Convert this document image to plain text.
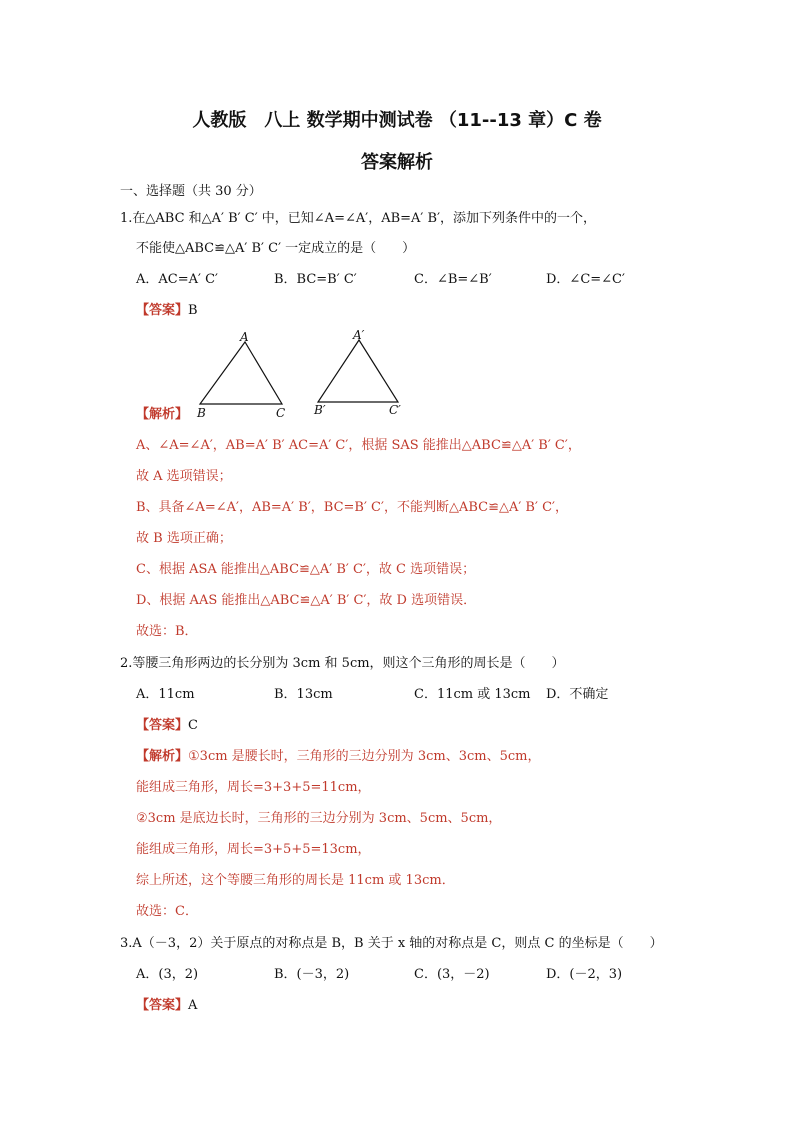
人教版　八上 数学期中测试卷 （11--13 章）C 卷
答案解析
一、选择题（共 30 分）
1.在△ABC 和△A′ B′ C′ 中，已知∠A=∠A′，AB=A′ B′，添加下列条件中的一个，
不能使△ABC≌△A′ B′ C′ 一定成立的是（　　）
A．AC=A′ C′	B．BC=B′ C′	C．∠B=∠B′	D．∠C=∠C′
【答案】B
A
B	C
A′
B′	C′
【解析】
A、∠A=∠A′，AB=A′ B′ AC=A′ C′，根据 SAS 能推出△ABC≌△A′ B′ C′，
故 A 选项错误；
B、具备∠A=∠A′，AB=A′ B′，BC=B′ C′，不能判断△ABC≌△A′ B′ C′，
故 B 选项正确；
C、根据 ASA 能推出△ABC≌△A′ B′ C′，故 C 选项错误；
D、根据 AAS 能推出△ABC≌△A′ B′ C′，故 D 选项错误．
故选：B．
2.等腰三角形两边的长分别为 3cm 和 5cm，则这个三角形的周长是（　　）
A．11cm	B．13cm	C．11cm 或 13cm D．不确定
【答案】C
【解析】①3cm 是腰长时，三角形的三边分别为 3cm、3cm、5cm，
能组成三角形，周长=3+3+5=11cm，
②3cm 是底边长时，三角形的三边分别为 3cm、5cm、5cm，
能组成三角形，周长=3+5+5=13cm，
综上所述，这个等腰三角形的周长是 11cm 或 13cm．
故选：C．
3.A（－3，2）关于原点的对称点是 B，B 关于 x 轴的对称点是 C，则点 C 的坐标是（　　）
A．(3，2)	B．(－3，2)	C．(3，－2)	D．(－2，3)
【答案】A
